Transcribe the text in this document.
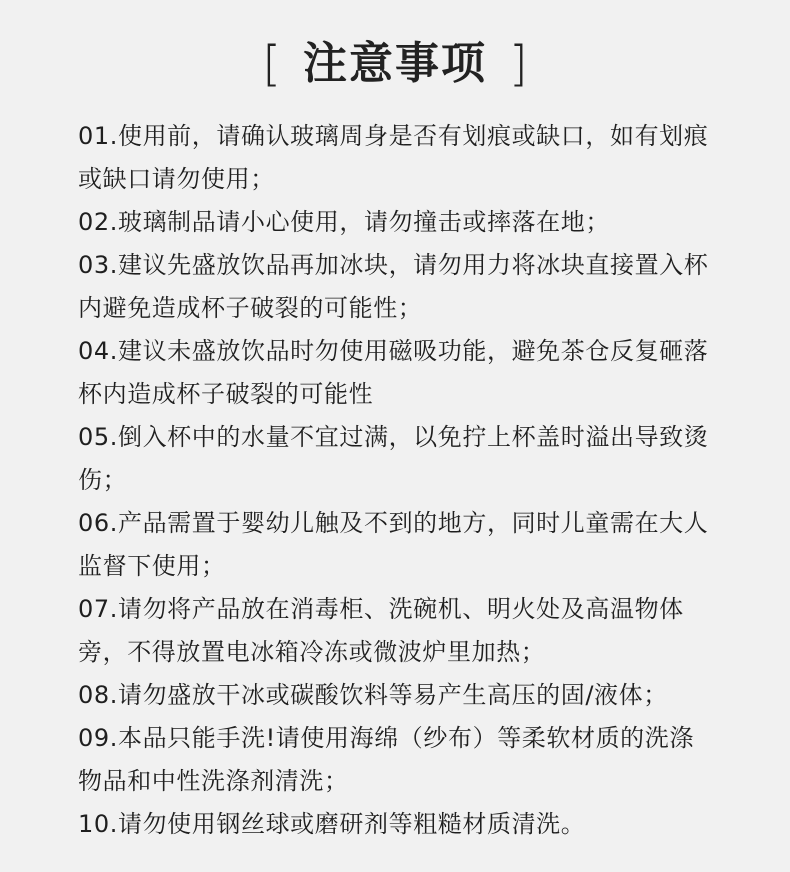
[ 注意事项 ]
01.使用前，请确认玻璃周身是否有划痕或缺口，如有划痕或缺口请勿使用；
02.玻璃制品请小心使用，请勿撞击或摔落在地；
03.建议先盛放饮品再加冰块，请勿用力将冰块直接置入杯内避免造成杯子破裂的可能性；
04.建议未盛放饮品时勿使用磁吸功能，避免茶仓反复砸落杯内造成杯子破裂的可能性
05.倒入杯中的水量不宜过满，以免拧上杯盖时溢出导致烫伤；
06.产品需置于婴幼儿触及不到的地方，同时儿童需在大人监督下使用；
07.请勿将产品放在消毒柜、洗碗机、明火处及高温物体旁，不得放置电冰箱冷冻或微波炉里加热；
08.请勿盛放干冰或碳酸饮料等易产生高压的固/液体；
09.本品只能手洗!请使用海绵（纱布）等柔软材质的洗涤物品和中性洗涤剂清洗；
10.请勿使用钢丝球或磨研剂等粗糙材质清洗。
